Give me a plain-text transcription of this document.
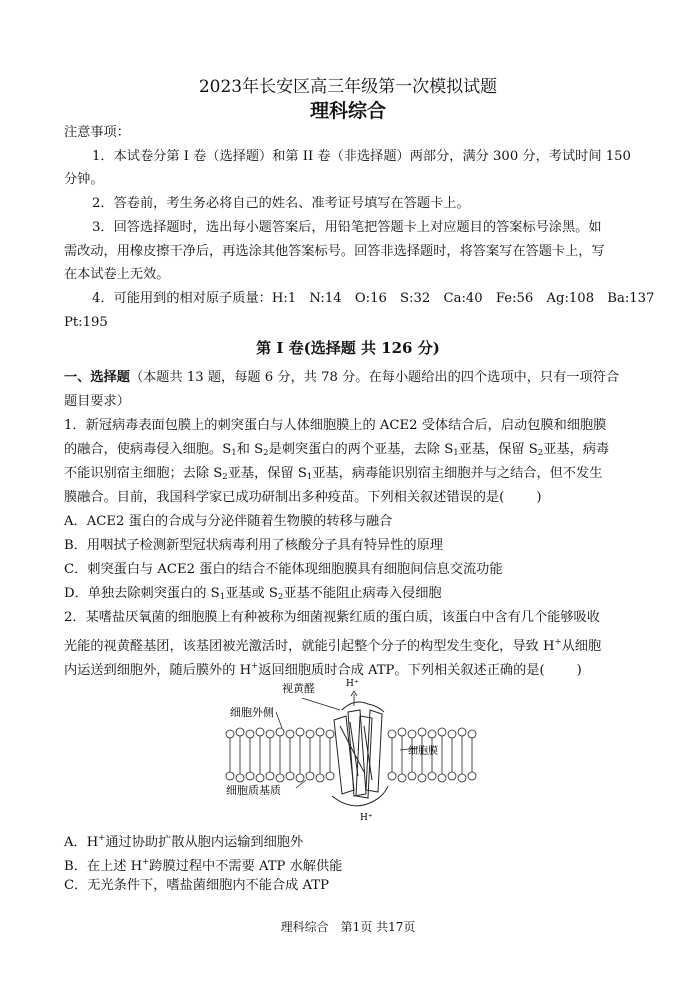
2023年长安区高三年级第一次模拟试题
理科综合
注意事项：
1．本试卷分第 I 卷（选择题）和第 II 卷（非选择题）两部分，满分 300 分，考试时间 150
分钟。
2．答卷前，考生务必将自己的姓名、准考证号填写在答题卡上。
3．回答选择题时，选出每小题答案后，用铅笔把答题卡上对应题目的答案标号涂黑。如
需改动，用橡皮擦干净后，再选涂其他答案标号。回答非选择题时，将答案写在答题卡上，写
在本试卷上无效。
4．可能用到的相对原子质量：H:1　N:14　O:16　S:32　Ca:40　Fe:56　Ag:108　Ba:137
Pt:195
第 I 卷(选择题 共 126 分)
一、选择题（本题共 13 题，每题 6 分，共 78 分。在每小题给出的四个选项中，只有一项符合
题目要求）
1．新冠病毒表面包膜上的刺突蛋白与人体细胞膜上的 ACE2 受体结合后，启动包膜和细胞膜
的融合，使病毒侵入细胞。$S_1$和 $S_2$是刺突蛋白的两个亚基，去除 $S_1$亚基，保留 $S_2$亚基，病毒
不能识别宿主细胞；去除 $S_2$亚基，保留 $S_1$亚基，病毒能识别宿主细胞并与之结合，但不发生
膜融合。目前，我国科学家已成功研制出多种疫苗。下列相关叙述错误的是( )
A．ACE2 蛋白的合成与分泌伴随着生物膜的转移与融合
B．用咽拭子检测新型冠状病毒利用了核酸分子具有特异性的原理
C．刺突蛋白与 ACE2 蛋白的结合不能体现细胞膜具有细胞间信息交流功能
D．单独去除刺突蛋白的 $S_1$亚基或 $S_2$亚基不能阻止病毒入侵细胞
2．某嗜盐厌氧菌的细胞膜上有种被称为细菌视紫红质的蛋白质，该蛋白中含有几个能够吸收
光能的视黄醛基团，该基团被光激活时，就能引起整个分子的构型发生变化，导致 H+从细胞
内运送到细胞外，随后膜外的 H+返回细胞质时合成 ATP。下列相关叙述正确的是( )
视黄醛
细胞外侧
细胞膜
细胞质基质
H⁺
H⁺
A．H+通过协助扩散从胞内运输到细胞外
B．在上述 H+跨膜过程中不需要 ATP 水解供能
C．无光条件下，嗜盐菌细胞内不能合成 ATP
理科综合　第1页 共17页
